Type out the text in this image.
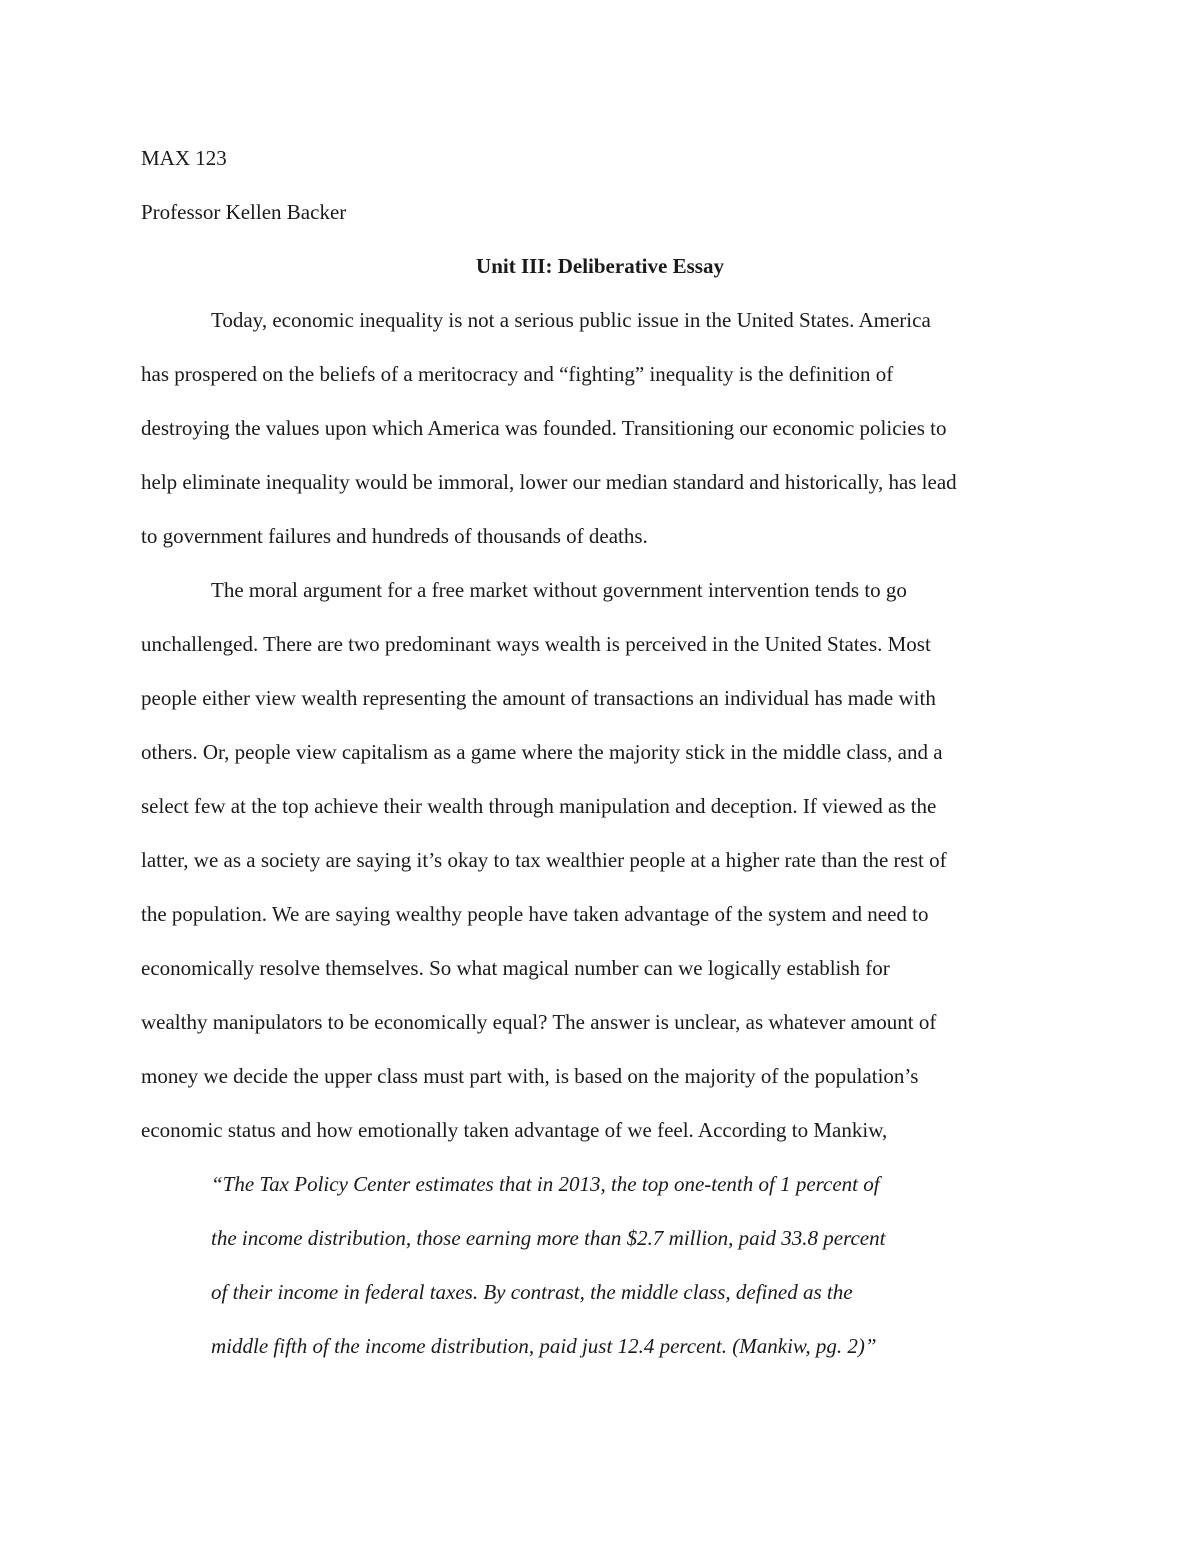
MAX 123
Professor Kellen Backer
Unit III: Deliberative Essay
Today, economic inequality is not a serious public issue in the United States. America
has prospered on the beliefs of a meritocracy and “fighting” inequality is the definition of
destroying the values upon which America was founded. Transitioning our economic policies to
help eliminate inequality would be immoral, lower our median standard and historically, has lead
to government failures and hundreds of thousands of deaths.
The moral argument for a free market without government intervention tends to go
unchallenged. There are two predominant ways wealth is perceived in the United States. Most
people either view wealth representing the amount of transactions an individual has made with
others. Or, people view capitalism as a game where the majority stick in the middle class, and a
select few at the top achieve their wealth through manipulation and deception. If viewed as the
latter, we as a society are saying it’s okay to tax wealthier people at a higher rate than the rest of
the population. We are saying wealthy people have taken advantage of the system and need to
economically resolve themselves. So what magical number can we logically establish for
wealthy manipulators to be economically equal? The answer is unclear, as whatever amount of
money we decide the upper class must part with, is based on the majority of the population’s
economic status and how emotionally taken advantage of we feel. According to Mankiw,
“The Tax Policy Center estimates that in 2013, the top one-tenth of 1 percent of
the income distribution, those earning more than $2.7 million, paid 33.8 percent
of their income in federal taxes. By contrast, the middle class, defined as the
middle fifth of the income distribution, paid just 12.4 percent. (Mankiw, pg. 2)”
